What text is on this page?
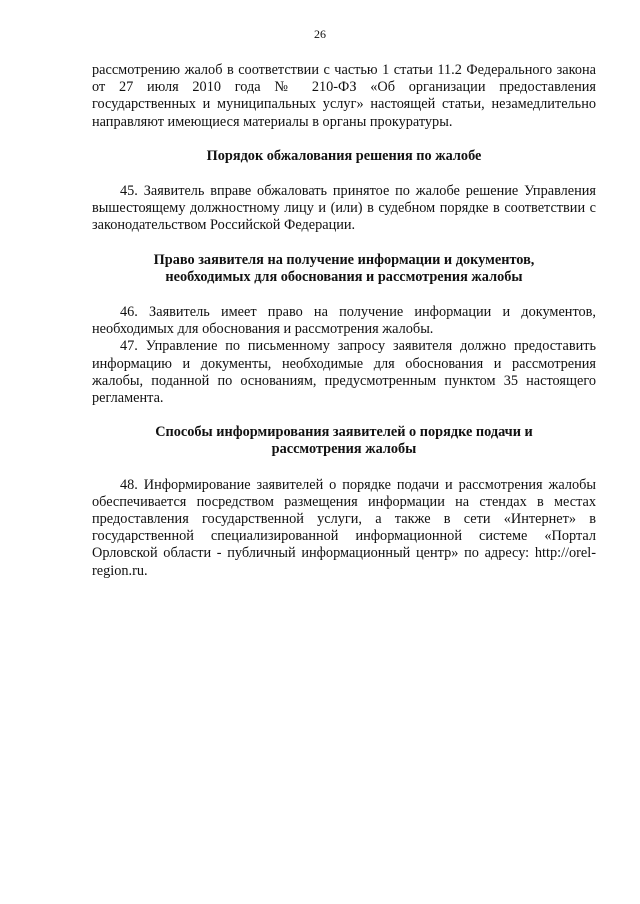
26

рассмотрению жалоб в соответствии с частью 1 статьи 11.2 Федерального закона от 27 июля 2010 года № 210-ФЗ «Об организации предоставления государственных и муниципальных услуг» настоящей статьи, незамедлительно направляют имеющиеся материалы в органы прокуратуры.

Порядок обжалования решения по жалобе

45. Заявитель вправе обжаловать принятое по жалобе решение Управления вышестоящему должностному лицу и (или) в судебном порядке в соответствии с законодательством Российской Федерации.

Право заявителя на получение информации и документов,
необходимых для обоснования и рассмотрения жалобы

46. Заявитель имеет право на получение информации и документов, необходимых для обоснования и рассмотрения жалобы.

47. Управление по письменному запросу заявителя должно предоставить информацию и документы, необходимые для обоснования и рассмотрения жалобы, поданной по основаниям, предусмотренным пунктом 35 настоящего регламента.

Способы информирования заявителей о порядке подачи и
рассмотрения жалобы

48. Информирование заявителей о порядке подачи и рассмотрения жалобы обеспечивается посредством размещения информации на стендах в местах предоставления государственной услуги, а также в сети «Интернет» в государственной специализированной информационной системе «Портал Орловской области - публичный информационный центр» по адресу: http://orel-region.ru.
